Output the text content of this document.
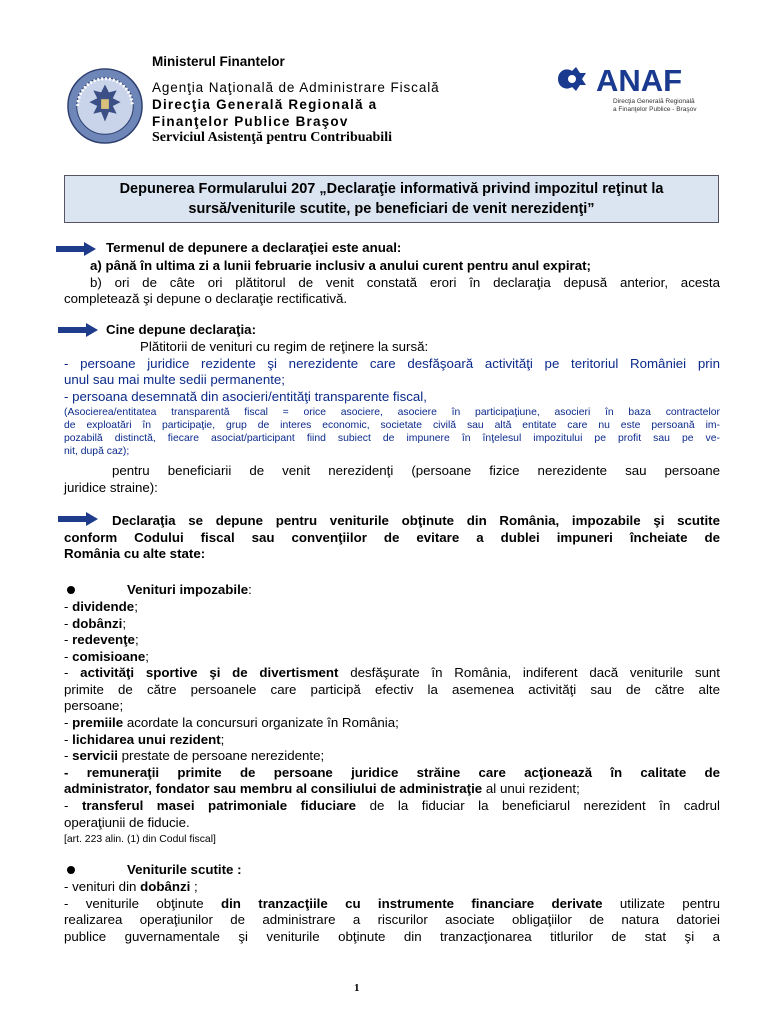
Ministerul Finantelor
Agenţia Naţională de Administrare Fiscală
Direcţia Generală Regională a
Finanţelor Publice Braşov
Serviciul Asistenţă pentru Contribuabili
ANAF
Direcţia Generală Regională
a Finanţelor Publice - Braşov
Depunerea Formularului 207 „Declaraţie informativă privind impozitul reţinut la
sursă/veniturile scutite, pe beneficiari de venit nerezidenţi”
Termenul de depunere a declaraţiei este anual:
a) până în ultima zi a lunii februarie inclusiv a anului curent pentru anul expirat;
b) ori de câte ori plătitorul de venit constată erori în declaraţia depusă anterior, acesta
completează şi depune o declaraţie rectificativă.
Cine depune declaraţia:
Plătitorii de venituri cu regim de reţinere la sursă:
- persoane juridice rezidente şi nerezidente care desfăşoară activităţi pe teritoriul României prin
unul sau mai multe sedii permanente;
- persoana desemnată din asocieri/entităţi transparente fiscal,
(Asocierea/entitatea transparentă fiscal = orice asociere, asociere în participaţiune, asocieri în baza contractelor
de exploatări în participaţie, grup de interes economic, societate civilă sau altă entitate care nu este persoană im-
pozabilă distinctă, fiecare asociat/participant fiind subiect de impunere în înţelesul impozitului pe profit sau pe ve-
nit, după caz);
pentru beneficiarii de venit nerezidenţi (persoane fizice nerezidente sau persoane
juridice straine):
Declaraţia se depune pentru veniturile obţinute din România, impozabile şi scutite
conform Codului fiscal sau convenţiilor de evitare a dublei impuneri încheiate de
România cu alte state:
Venituri impozabile:
- dividende;
- dobânzi;
- redevenţe;
- comisioane;
- activităţi sportive şi de divertisment desfăşurate în România, indiferent dacă veniturile sunt
primite de către persoanele care participă efectiv la asemenea activităţi sau de către alte
persoane;
- premiile acordate la concursuri organizate în România;
- lichidarea unui rezident;
- servicii prestate de persoane nerezidente;
- remuneraţii primite de persoane juridice străine care acţionează în calitate de
administrator, fondator sau membru al consiliului de administraţie al unui rezident;
- transferul masei patrimoniale fiduciare de la fiduciar la beneficiarul nerezident în cadrul
operaţiunii de fiducie.
[art. 223 alin. (1) din Codul fiscal]
Veniturile scutite :
- venituri din dobânzi ;
- veniturile obţinute din tranzacţiile cu instrumente financiare derivate utilizate pentru
realizarea operaţiunilor de administrare a riscurilor asociate obligaţiilor de natura datoriei
publice guvernamentale şi veniturile obţinute din tranzacţionarea titlurilor de stat şi a
1
